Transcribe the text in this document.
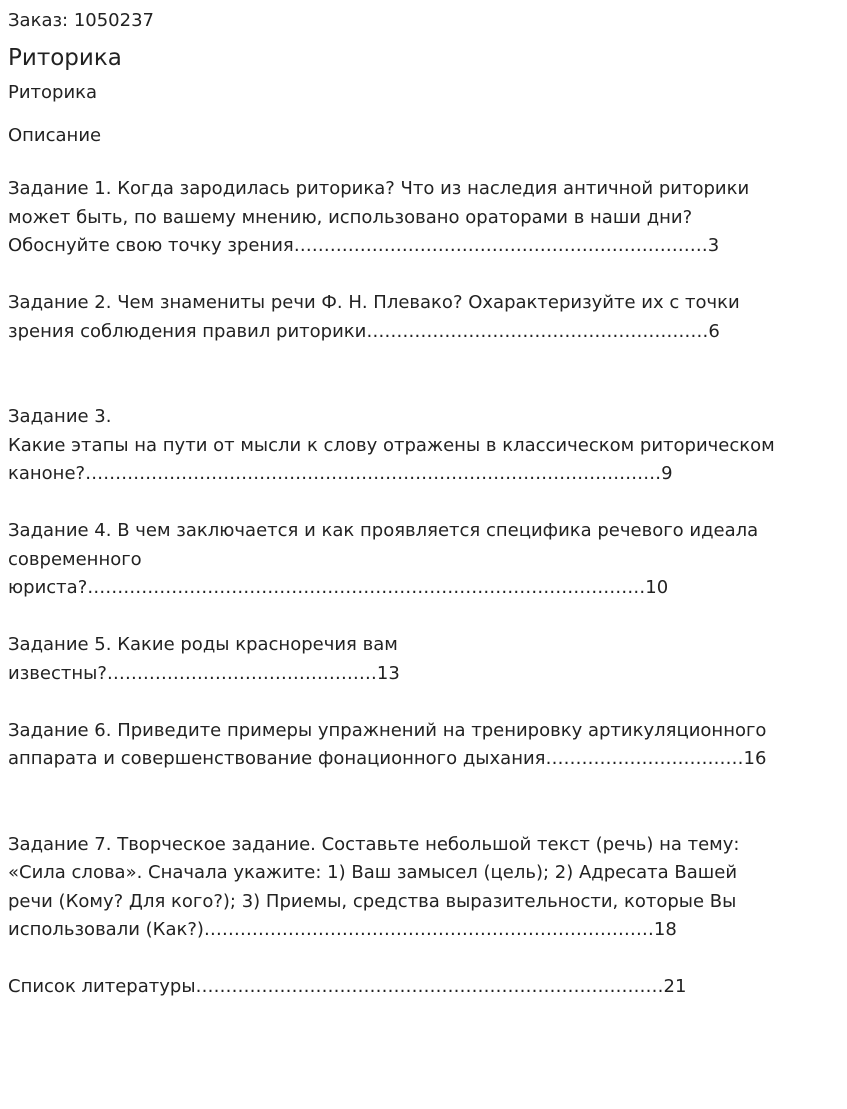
Заказ: 1050237

Риторика

Риторика

Описание

Задание 1. Когда зародилась риторика? Что из наследия античной риторики
может быть, по вашему мнению, использовано ораторами в наши дни?
Обоснуйте свою точку зрения……………………………………………………………3

Задание 2. Чем знамениты речи Ф. Н. Плевако? Охарактеризуйте их с точки
зрения соблюдения правил риторики…………………………………………………6

Задание 3.
Какие этапы на пути от мысли к слову отражены в классическом риторическом
каноне?……………………………………………………………………………………9

Задание 4. В чем заключается и как проявляется специфика речевого идеала
современного
юриста?…………………………………………………………………………………10

Задание 5. Какие роды красноречия вам
известны?………………………………………13

Задание 6. Приведите примеры упражнений на тренировку артикуляционного
аппарата и совершенствование фонационного дыхания……………………………16

Задание 7. Творческое задание. Составьте небольшой текст (речь) на тему:
«Сила слова». Сначала укажите: 1) Ваш замысел (цель); 2) Адресата Вашей
речи (Кому? Для кого?); 3) Приемы, средства выразительности, которые Вы
использовали (Как?)…………………………………………………………………18

Список литературы……………………………………………………………………21
